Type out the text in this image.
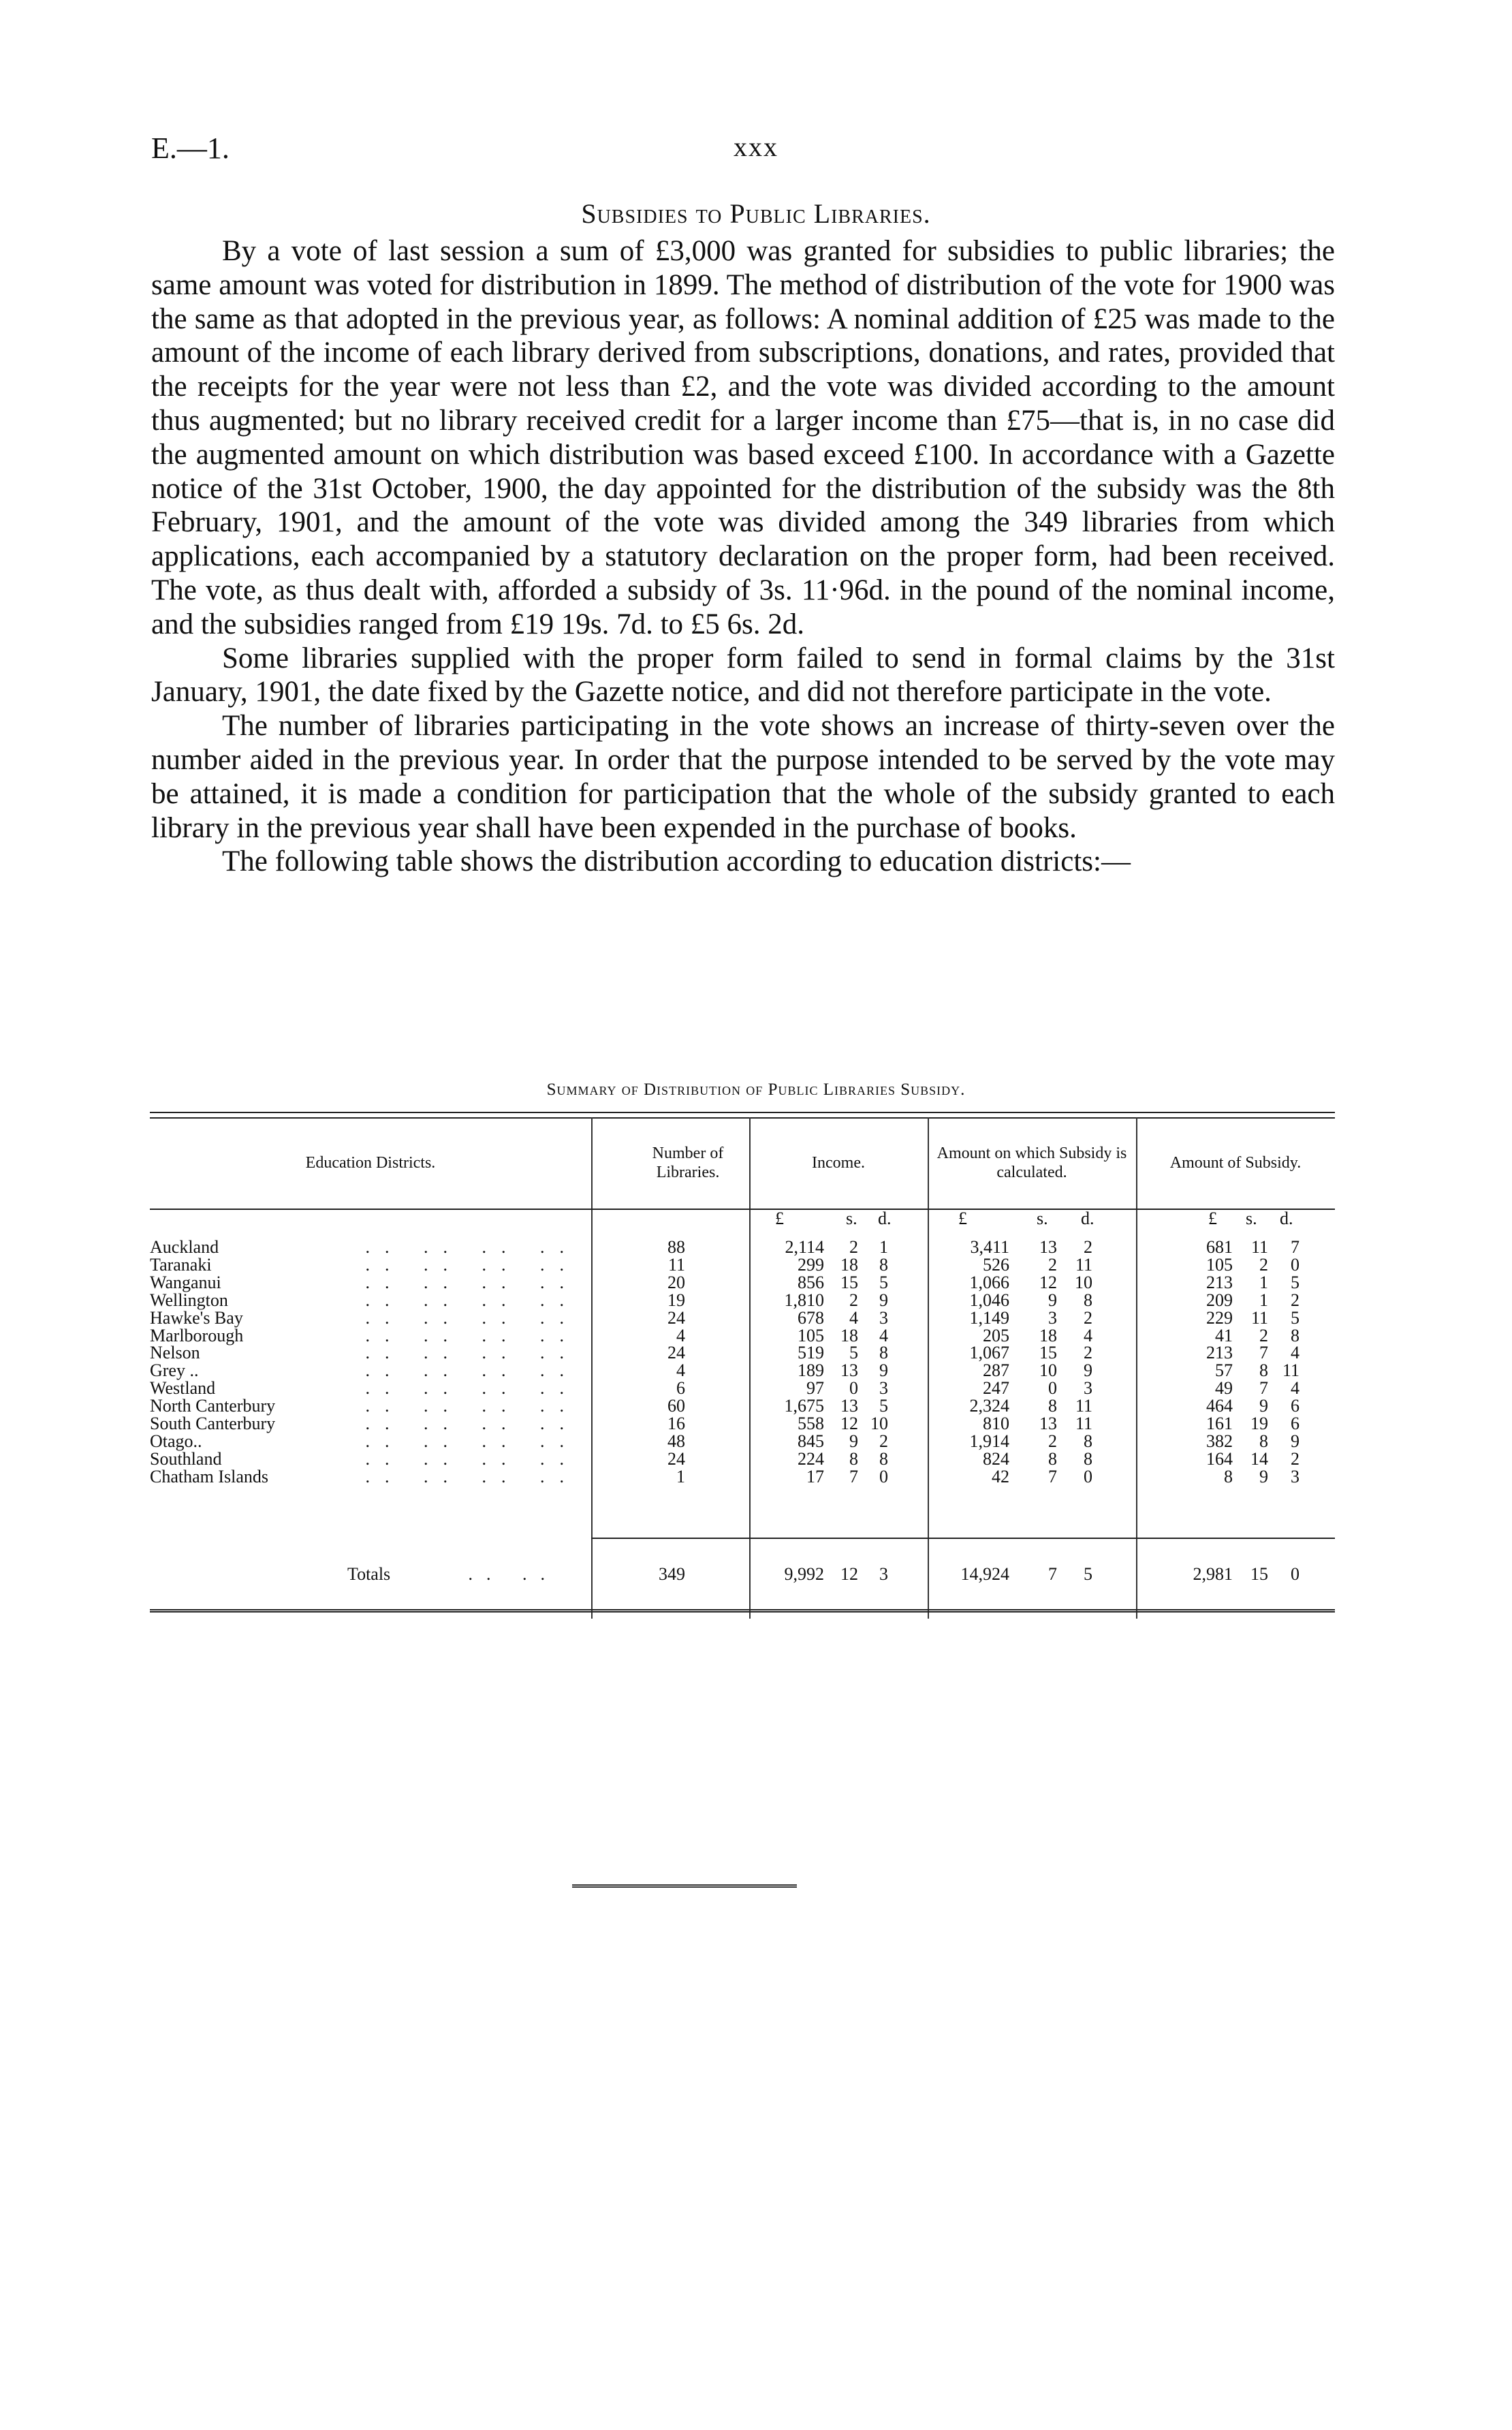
E.—1.	xxx
Subsidies to Public Libraries.

By a vote of last session a sum of £3,000 was granted for subsidies to public libraries; the same amount was voted for distribution in 1899. The method of distribution of the vote for 1900 was the same as that adopted in the previous year, as follows: A nominal addition of £25 was made to the amount of the income of each library derived from subscriptions, donations, and rates, provided that the receipts for the year were not less than £2, and the vote was divided according to the amount thus augmented; but no library received credit for a larger income than £75—that is, in no case did the augmented amount on which distribution was based exceed £100. In accordance with a Gazette notice of the 31st October, 1900, the day appointed for the distribution of the subsidy was the 8th February, 1901, and the amount of the vote was divided among the 349 libraries from which applications, each accompanied by a statutory declaration on the proper form, had been received. The vote, as thus dealt with, afforded a subsidy of 3s. 11·96d. in the pound of the nominal income, and the subsidies ranged from £19 19s. 7d. to £5 6s. 2d.

Some libraries supplied with the proper form failed to send in formal claims by the 31st January, 1901, the date fixed by the Gazette notice, and did not therefore participate in the vote.

The number of libraries participating in the vote shows an increase of thirty-seven over the number aided in the previous year. In order that the purpose intended to be served by the vote may be attained, it is made a condition for participation that the whole of the subsidy granted to each library in the previous year shall have been expended in the purchase of books.

The following table shows the distribution according to education districts:—

Summary of Distribution of Public Libraries Subsidy.
Education Districts.
Number of Libraries.
Income.
Amount on which Subsidy is calculated.
Amount of Subsidy.
£	s. d.	£	s. d.	£ s. d.
Auckland	.. .. .. ..	88	2,114	2	1	3,411	13	2	681	11	7
Taranaki	.. .. .. ..	11	299 18	8	526	2	11	105	2	0
Wanganui	.. .. .. ..	20	856 15	5	1,066	12	10	213	1	5
Wellington	.. .. .. ..	19	1,810	2	9	1,046	9	8	209	1	2
Hawke's Bay	.. .. .. ..	24	678	4	3	1,149	3	2	229	11	5
Marlborough	.. .. .. ..	4	105 18	4	205	18	4	41	2	8
Nelson	.. .. .. ..	24	519	5	8	1,067	15	2	213	7	4
Grey ..	.. .. .. ..	4	189 13	9	287	10	9	57	8 11
Westland	.. .. .. ..	6	97	0	3	247	0	3	49	7	4
North Canterbury	.. .. .. ..	60	1,675 13	5	2,324	8	11	464	9	6
South Canterbury	.. .. .. ..	16	558 12 10	810	13	11	161	19	6
Otago..	.. .. .. ..	48	845	9	2	1,914	2	8	382	8	9
Southland	.. .. .. ..	24	224	8	8	824	8	8	164	14	2
Chatham Islands	.. .. .. ..	1	17	7	0	42	7	0	8	9	3
Totals	.. ..	349	9,992 12	3	14,924	7	5	2,981	15	0
